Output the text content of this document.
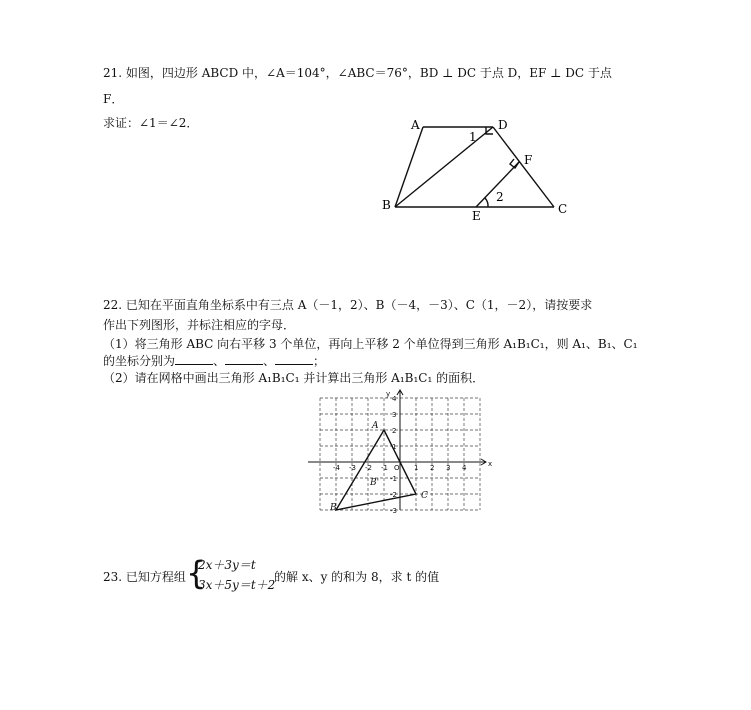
21. 如图，四边形 ABCD 中，∠A＝104°，∠ABC＝76°，BD ⊥ DC 于点 D，EF ⊥ DC 于点
F．
求证：∠1＝∠2．	A	D
1
F
2
B
E	C
22. 已知在平面直角坐标系中有三点 A（－1，2）、B（－4，－3）、C（1，－2），请按要求
作出下列图形，并标注相应的字母．
（1）将三角形 ABC 向右平移 3 个单位，再向上平移 2 个单位得到三角形 A₁B₁C₁，则 A₁、B₁、C₁
的坐标分别为	、	、	；
（2）请在网格中画出三角形 A₁B₁C₁ 并计算出三角形 A₁B₁C₁ 的面积．
x
y
O
-4 -3 -2 -1	1 2 3 4
4
3
2
1
-1
-2
-3
A
B
C
B'
23. 已知方程组 {
2x＋3y＝t
3x＋5y＝t＋2
的解 x、y 的和为 8，求 t 的值
